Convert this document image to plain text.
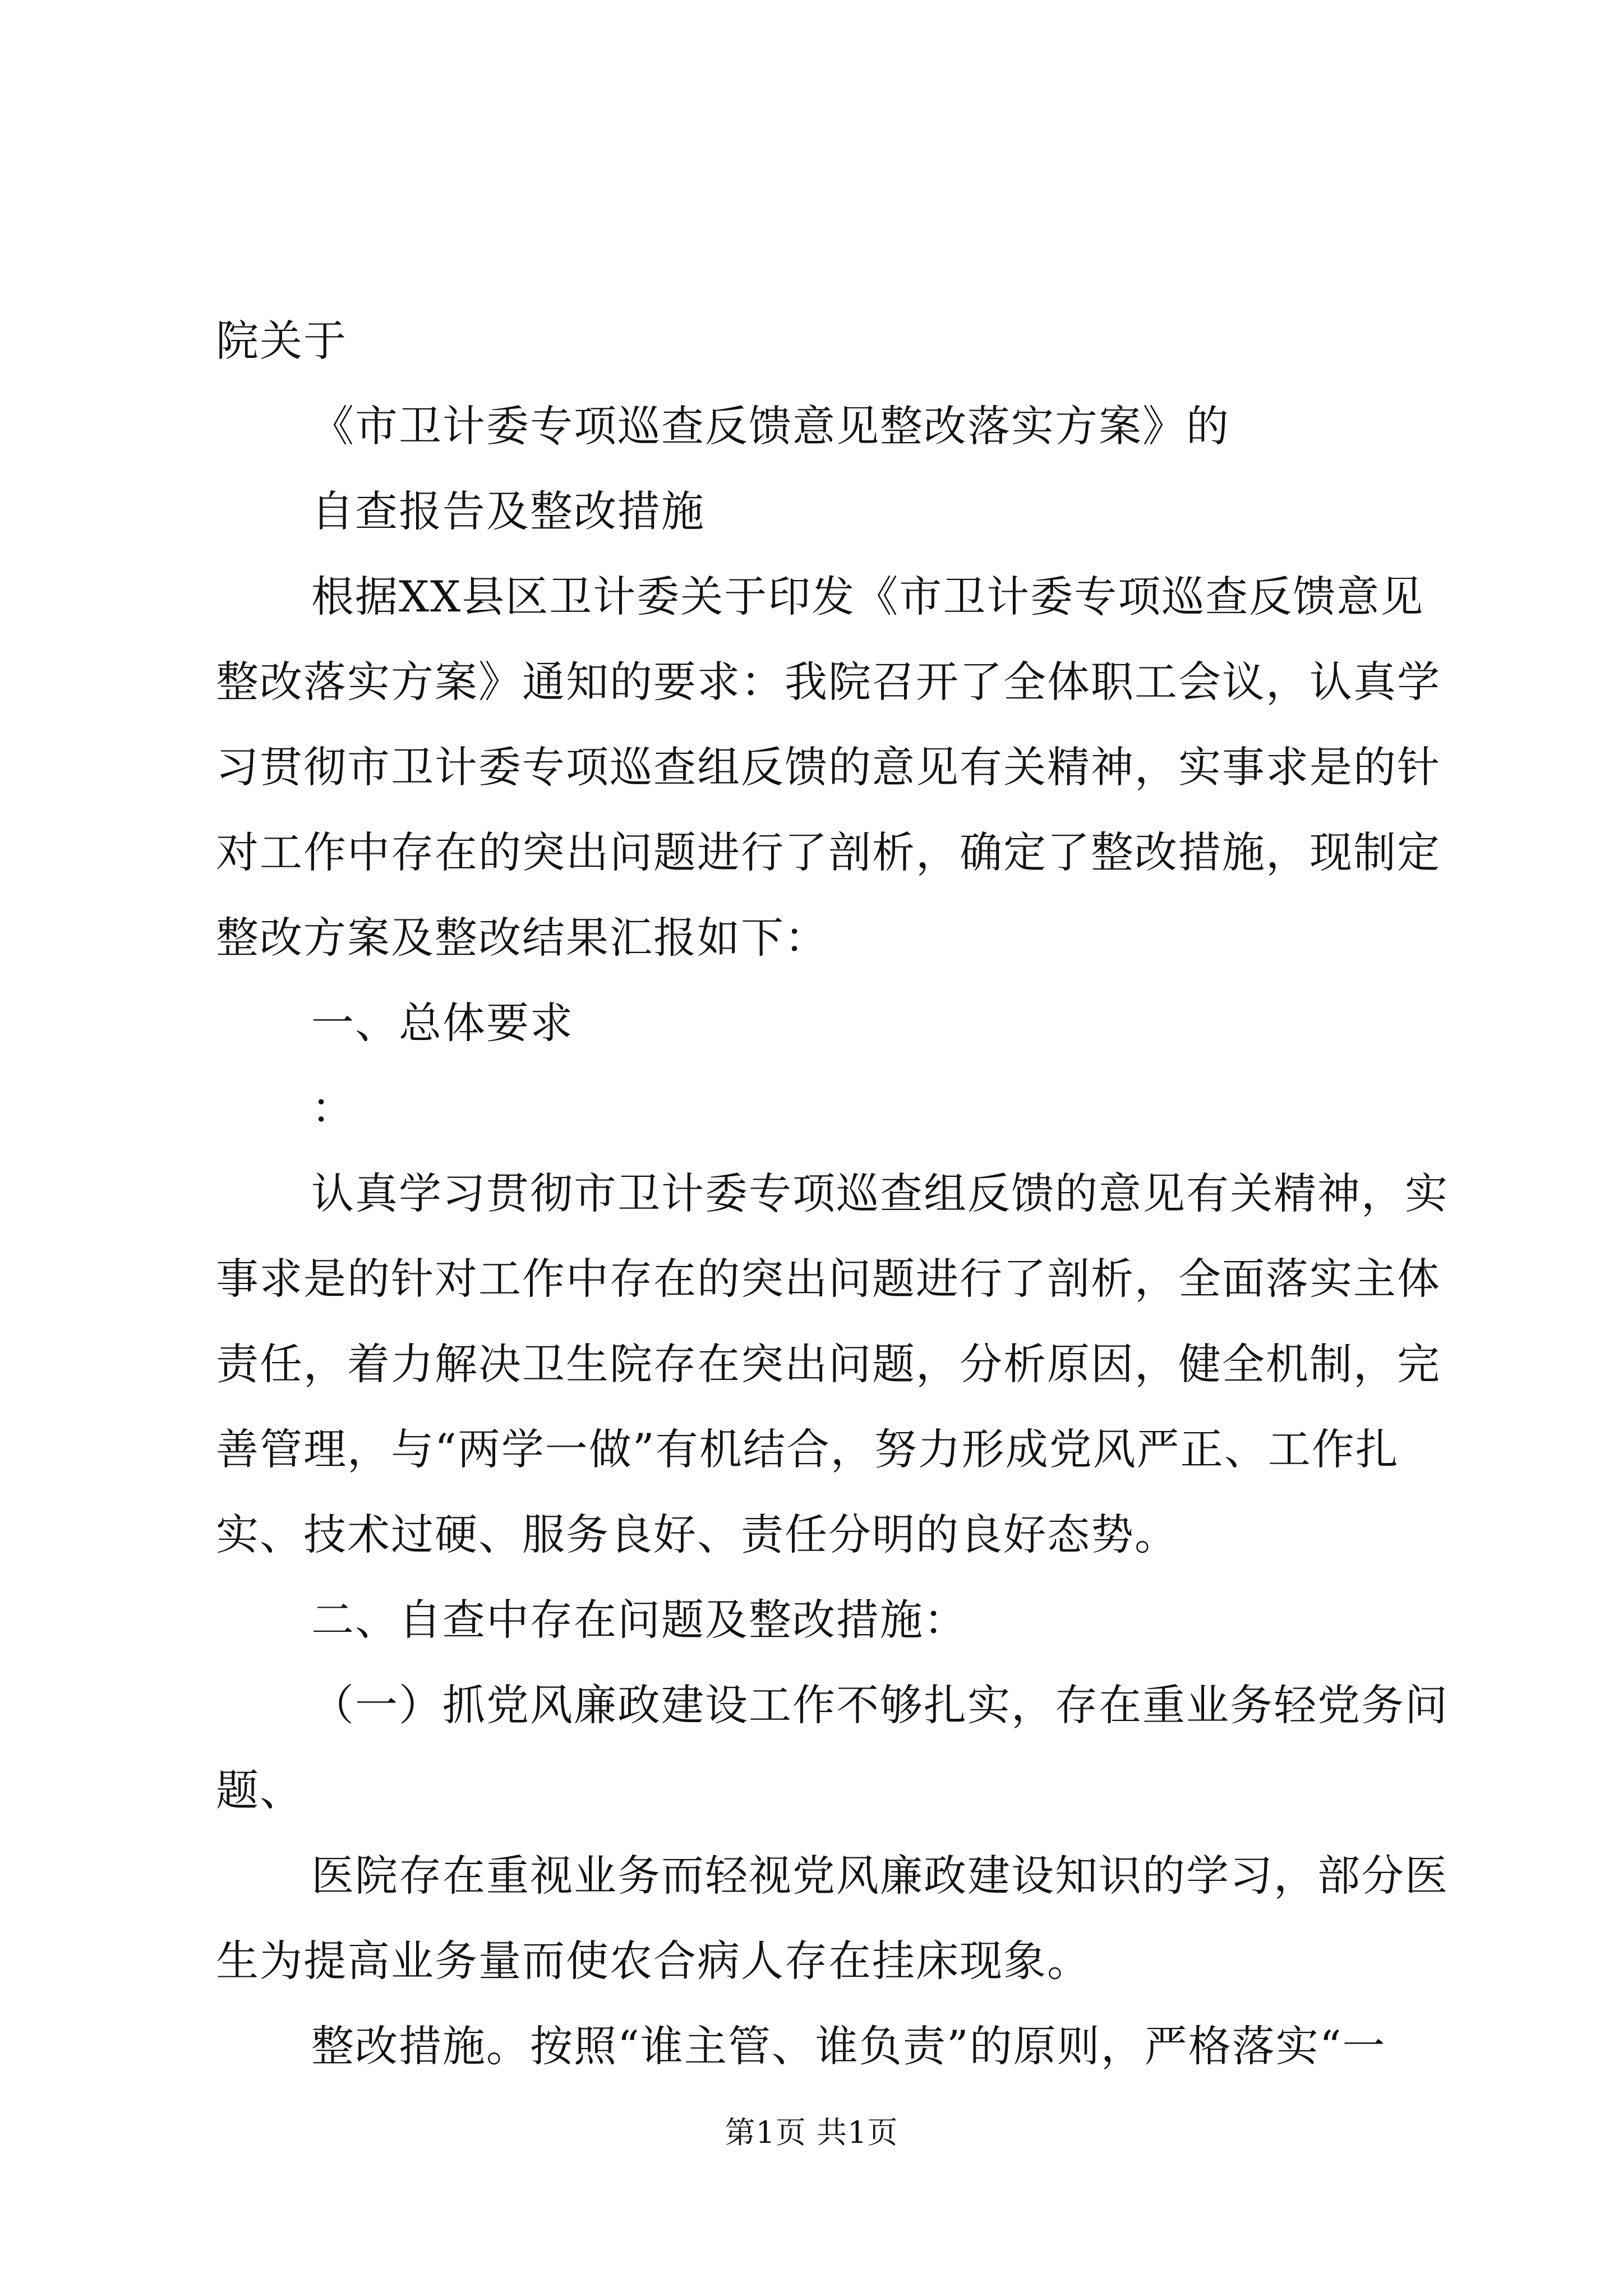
院关于
《市卫计委专项巡查反馈意见整改落实方案》的
自查报告及整改措施
根据XX县区卫计委关于印发《市卫计委专项巡查反馈意见
整改落实方案》通知的要求：我院召开了全体职工会议，认真学
习贯彻市卫计委专项巡查组反馈的意见有关精神，实事求是的针
对工作中存在的突出问题进行了剖析，确定了整改措施，现制定
整改方案及整改结果汇报如下：
一、总体要求
：
认真学习贯彻市卫计委专项巡查组反馈的意见有关精神，实
事求是的针对工作中存在的突出问题进行了剖析，全面落实主体
责任，着力解决卫生院存在突出问题，分析原因，健全机制，完
善管理，与“两学一做”有机结合，努力形成党风严正、工作扎
实、技术过硬、服务良好、责任分明的良好态势。
二、自查中存在问题及整改措施：
（一）抓党风廉政建设工作不够扎实，存在重业务轻党务问
题、
医院存在重视业务而轻视党风廉政建设知识的学习，部分医
生为提高业务量而使农合病人存在挂床现象。
整改措施。按照“谁主管、谁负责”的原则，严格落实“一
第1页 共1页
